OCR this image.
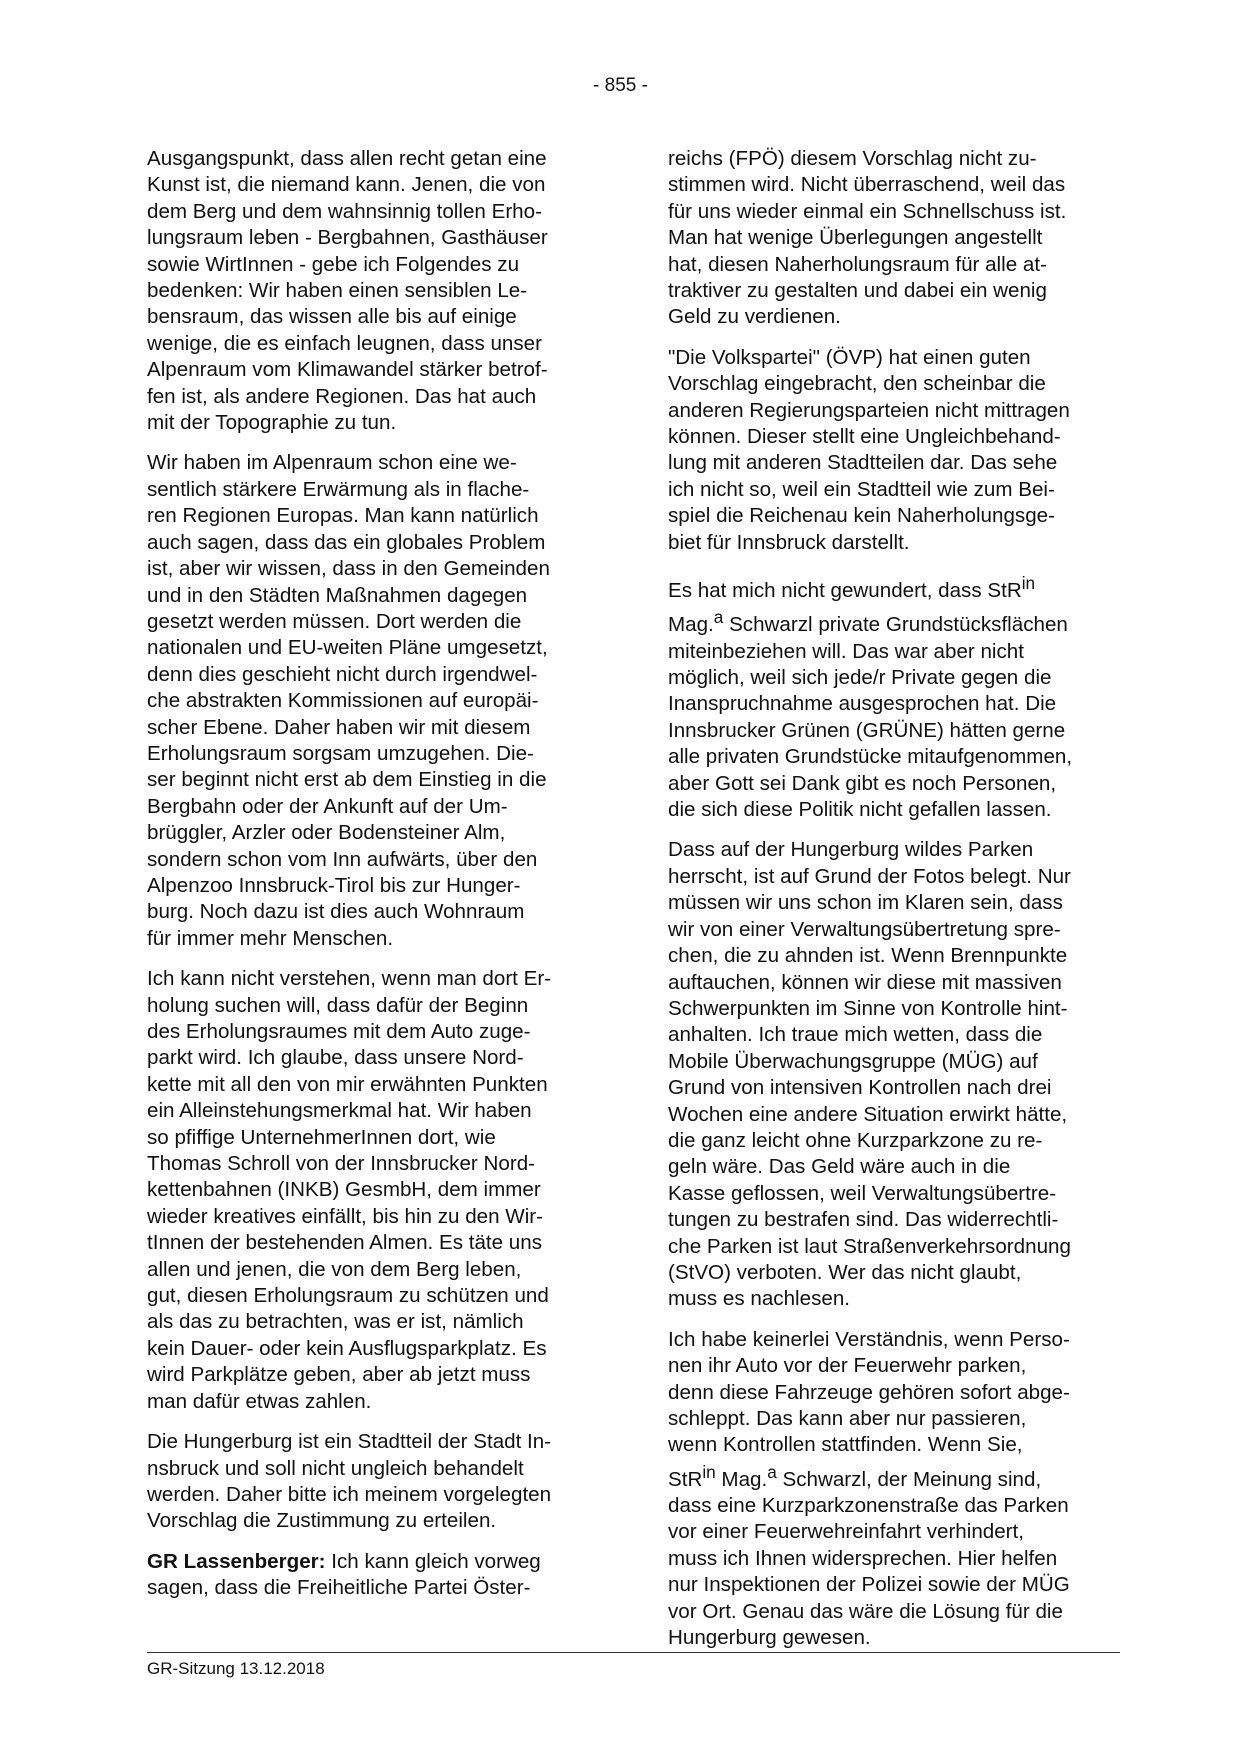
- 855 -

Ausgangspunkt, dass allen recht getan eine
Kunst ist, die niemand kann. Jenen, die von
dem Berg und dem wahnsinnig tollen Erho-
lungsraum leben - Bergbahnen, Gasthäuser
sowie WirtInnen - gebe ich Folgendes zu
bedenken: Wir haben einen sensiblen Le-
bensraum, das wissen alle bis auf einige
wenige, die es einfach leugnen, dass unser
Alpenraum vom Klimawandel stärker betrof-
fen ist, als andere Regionen. Das hat auch
mit der Topographie zu tun.

Wir haben im Alpenraum schon eine we-
sentlich stärkere Erwärmung als in flache-
ren Regionen Europas. Man kann natürlich
auch sagen, dass das ein globales Problem
ist, aber wir wissen, dass in den Gemeinden
und in den Städten Maßnahmen dagegen
gesetzt werden müssen. Dort werden die
nationalen und EU-weiten Pläne umgesetzt,
denn dies geschieht nicht durch irgendwel-
che abstrakten Kommissionen auf europäi-
scher Ebene. Daher haben wir mit diesem
Erholungsraum sorgsam umzugehen. Die-
ser beginnt nicht erst ab dem Einstieg in die
Bergbahn oder der Ankunft auf der Um-
brüggler, Arzler oder Bodensteiner Alm,
sondern schon vom Inn aufwärts, über den
Alpenzoo Innsbruck-Tirol bis zur Hunger-
burg. Noch dazu ist dies auch Wohnraum
für immer mehr Menschen.

Ich kann nicht verstehen, wenn man dort Er-
holung suchen will, dass dafür der Beginn
des Erholungsraumes mit dem Auto zuge-
parkt wird. Ich glaube, dass unsere Nord-
kette mit all den von mir erwähnten Punkten
ein Alleinstehungsmerkmal hat. Wir haben
so pfiffige UnternehmerInnen dort, wie
Thomas Schroll von der Innsbrucker Nord-
kettenbahnen (INKB) GesmbH, dem immer
wieder kreatives einfällt, bis hin zu den Wir-
tInnen der bestehenden Almen. Es täte uns
allen und jenen, die von dem Berg leben,
gut, diesen Erholungsraum zu schützen und
als das zu betrachten, was er ist, nämlich
kein Dauer- oder kein Ausflugsparkplatz. Es
wird Parkplätze geben, aber ab jetzt muss
man dafür etwas zahlen.

Die Hungerburg ist ein Stadtteil der Stadt In-
nsbruck und soll nicht ungleich behandelt
werden. Daher bitte ich meinem vorgelegten
Vorschlag die Zustimmung zu erteilen.

GR Lassenberger: Ich kann gleich vorweg
sagen, dass die Freiheitliche Partei Öster-

reichs (FPÖ) diesem Vorschlag nicht zu-
stimmen wird. Nicht überraschend, weil das
für uns wieder einmal ein Schnellschuss ist.
Man hat wenige Überlegungen angestellt
hat, diesen Naherholungsraum für alle at-
traktiver zu gestalten und dabei ein wenig
Geld zu verdienen.

"Die Volkspartei" (ÖVP) hat einen guten
Vorschlag eingebracht, den scheinbar die
anderen Regierungsparteien nicht mittragen
können. Dieser stellt eine Ungleichbehand-
lung mit anderen Stadtteilen dar. Das sehe
ich nicht so, weil ein Stadtteil wie zum Bei-
spiel die Reichenau kein Naherholungsge-
biet für Innsbruck darstellt.

Es hat mich nicht gewundert, dass StR$^{in}$
Mag.$^a$ Schwarzl private Grundstücksflächen
miteinbeziehen will. Das war aber nicht
möglich, weil sich jede/r Private gegen die
Inanspruchnahme ausgesprochen hat. Die
Innsbrucker Grünen (GRÜNE) hätten gerne
alle privaten Grundstücke mitaufgenommen,
aber Gott sei Dank gibt es noch Personen,
die sich diese Politik nicht gefallen lassen.

Dass auf der Hungerburg wildes Parken
herrscht, ist auf Grund der Fotos belegt. Nur
müssen wir uns schon im Klaren sein, dass
wir von einer Verwaltungsübertretung spre-
chen, die zu ahnden ist. Wenn Brennpunkte
auftauchen, können wir diese mit massiven
Schwerpunkten im Sinne von Kontrolle hint-
anhalten. Ich traue mich wetten, dass die
Mobile Überwachungsgruppe (MÜG) auf
Grund von intensiven Kontrollen nach drei
Wochen eine andere Situation erwirkt hätte,
die ganz leicht ohne Kurzparkzone zu re-
geln wäre. Das Geld wäre auch in die
Kasse geflossen, weil Verwaltungsübertre-
tungen zu bestrafen sind. Das widerrechtli-
che Parken ist laut Straßenverkehrsordnung
(StVO) verboten. Wer das nicht glaubt,
muss es nachlesen.

Ich habe keinerlei Verständnis, wenn Perso-
nen ihr Auto vor der Feuerwehr parken,
denn diese Fahrzeuge gehören sofort abge-
schleppt. Das kann aber nur passieren,
wenn Kontrollen stattfinden. Wenn Sie,
StR$^{in}$ Mag.$^a$ Schwarzl, der Meinung sind,
dass eine Kurzparkzonenstraße das Parken
vor einer Feuerwehreinfahrt verhindert,
muss ich Ihnen widersprechen. Hier helfen
nur Inspektionen der Polizei sowie der MÜG
vor Ort. Genau das wäre die Lösung für die
Hungerburg gewesen.

GR-Sitzung 13.12.2018
